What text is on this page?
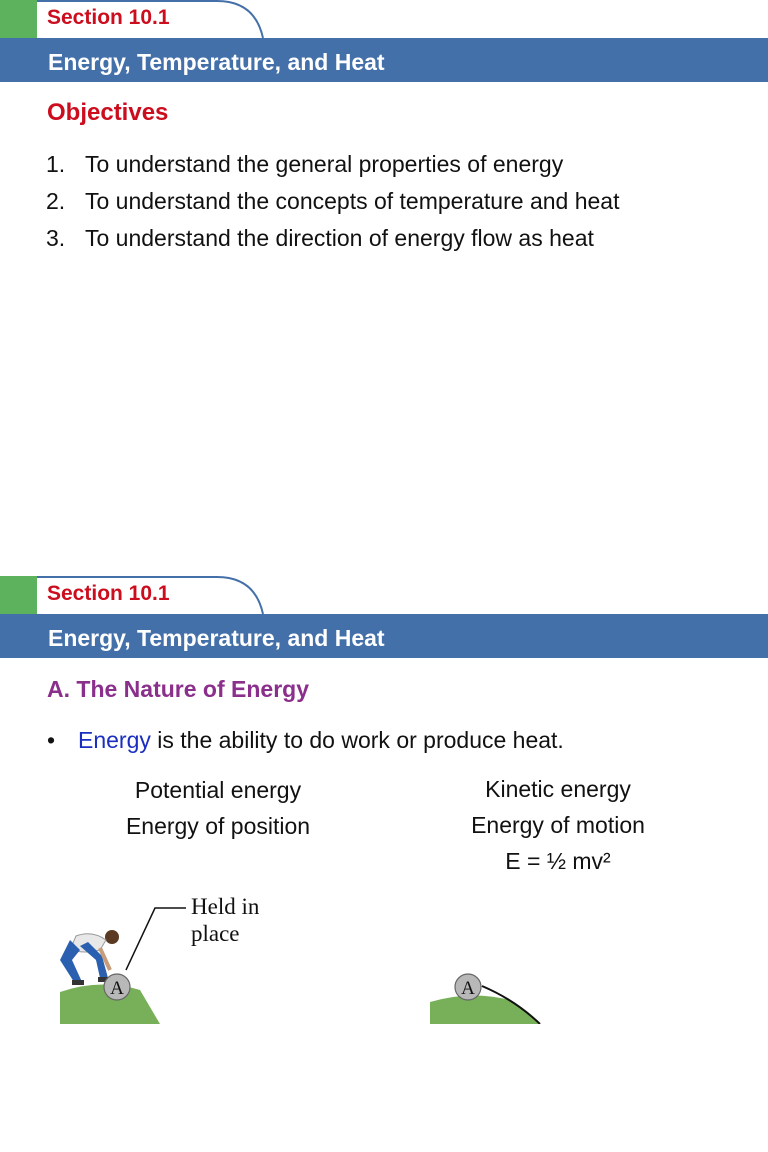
Section 10.1
Energy, Temperature, and Heat
Objectives
1. To understand the general properties of energy
2. To understand the concepts of temperature and heat
3. To understand the direction of energy flow as heat
Section 10.1
Energy, Temperature, and Heat
A. The Nature of Energy
• Energy is the ability to do work or produce heat.
Potential energy
Energy of position
Kinetic energy
Energy of motion
E = ½ mv²
A	A
Held in
place
